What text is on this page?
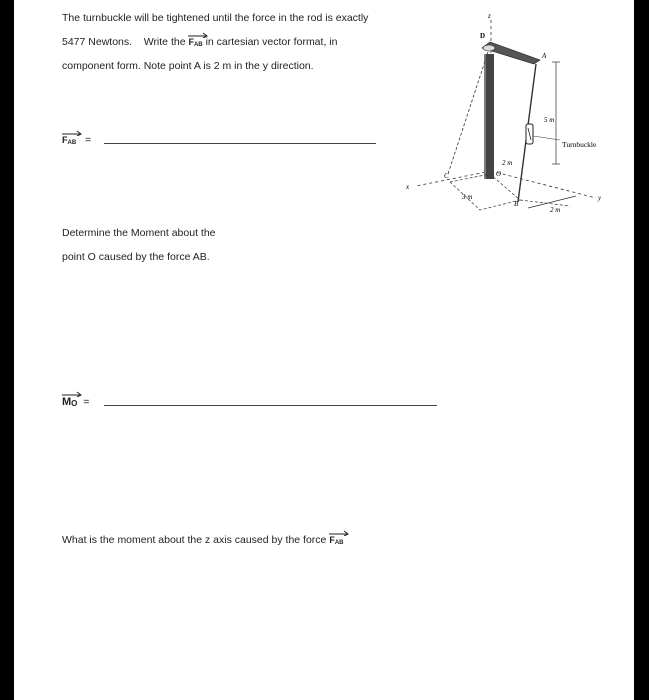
The turnbuckle will be tightened until the force in the rod is exactly
5477 Newtons. Write the $F_{AB}$ in cartesian vector format, in
component form. Note point A is 2 m in the y direction.
$F_{AB}$ =
Determine the Moment about the
point O caused by the force AB.
$M_O$ =
What is the moment about the z axis caused by the force $F_{AB}$
z
x
y
D
A
C	O
B
5 m
2 m
3 m
2 m
Turnbuckle
